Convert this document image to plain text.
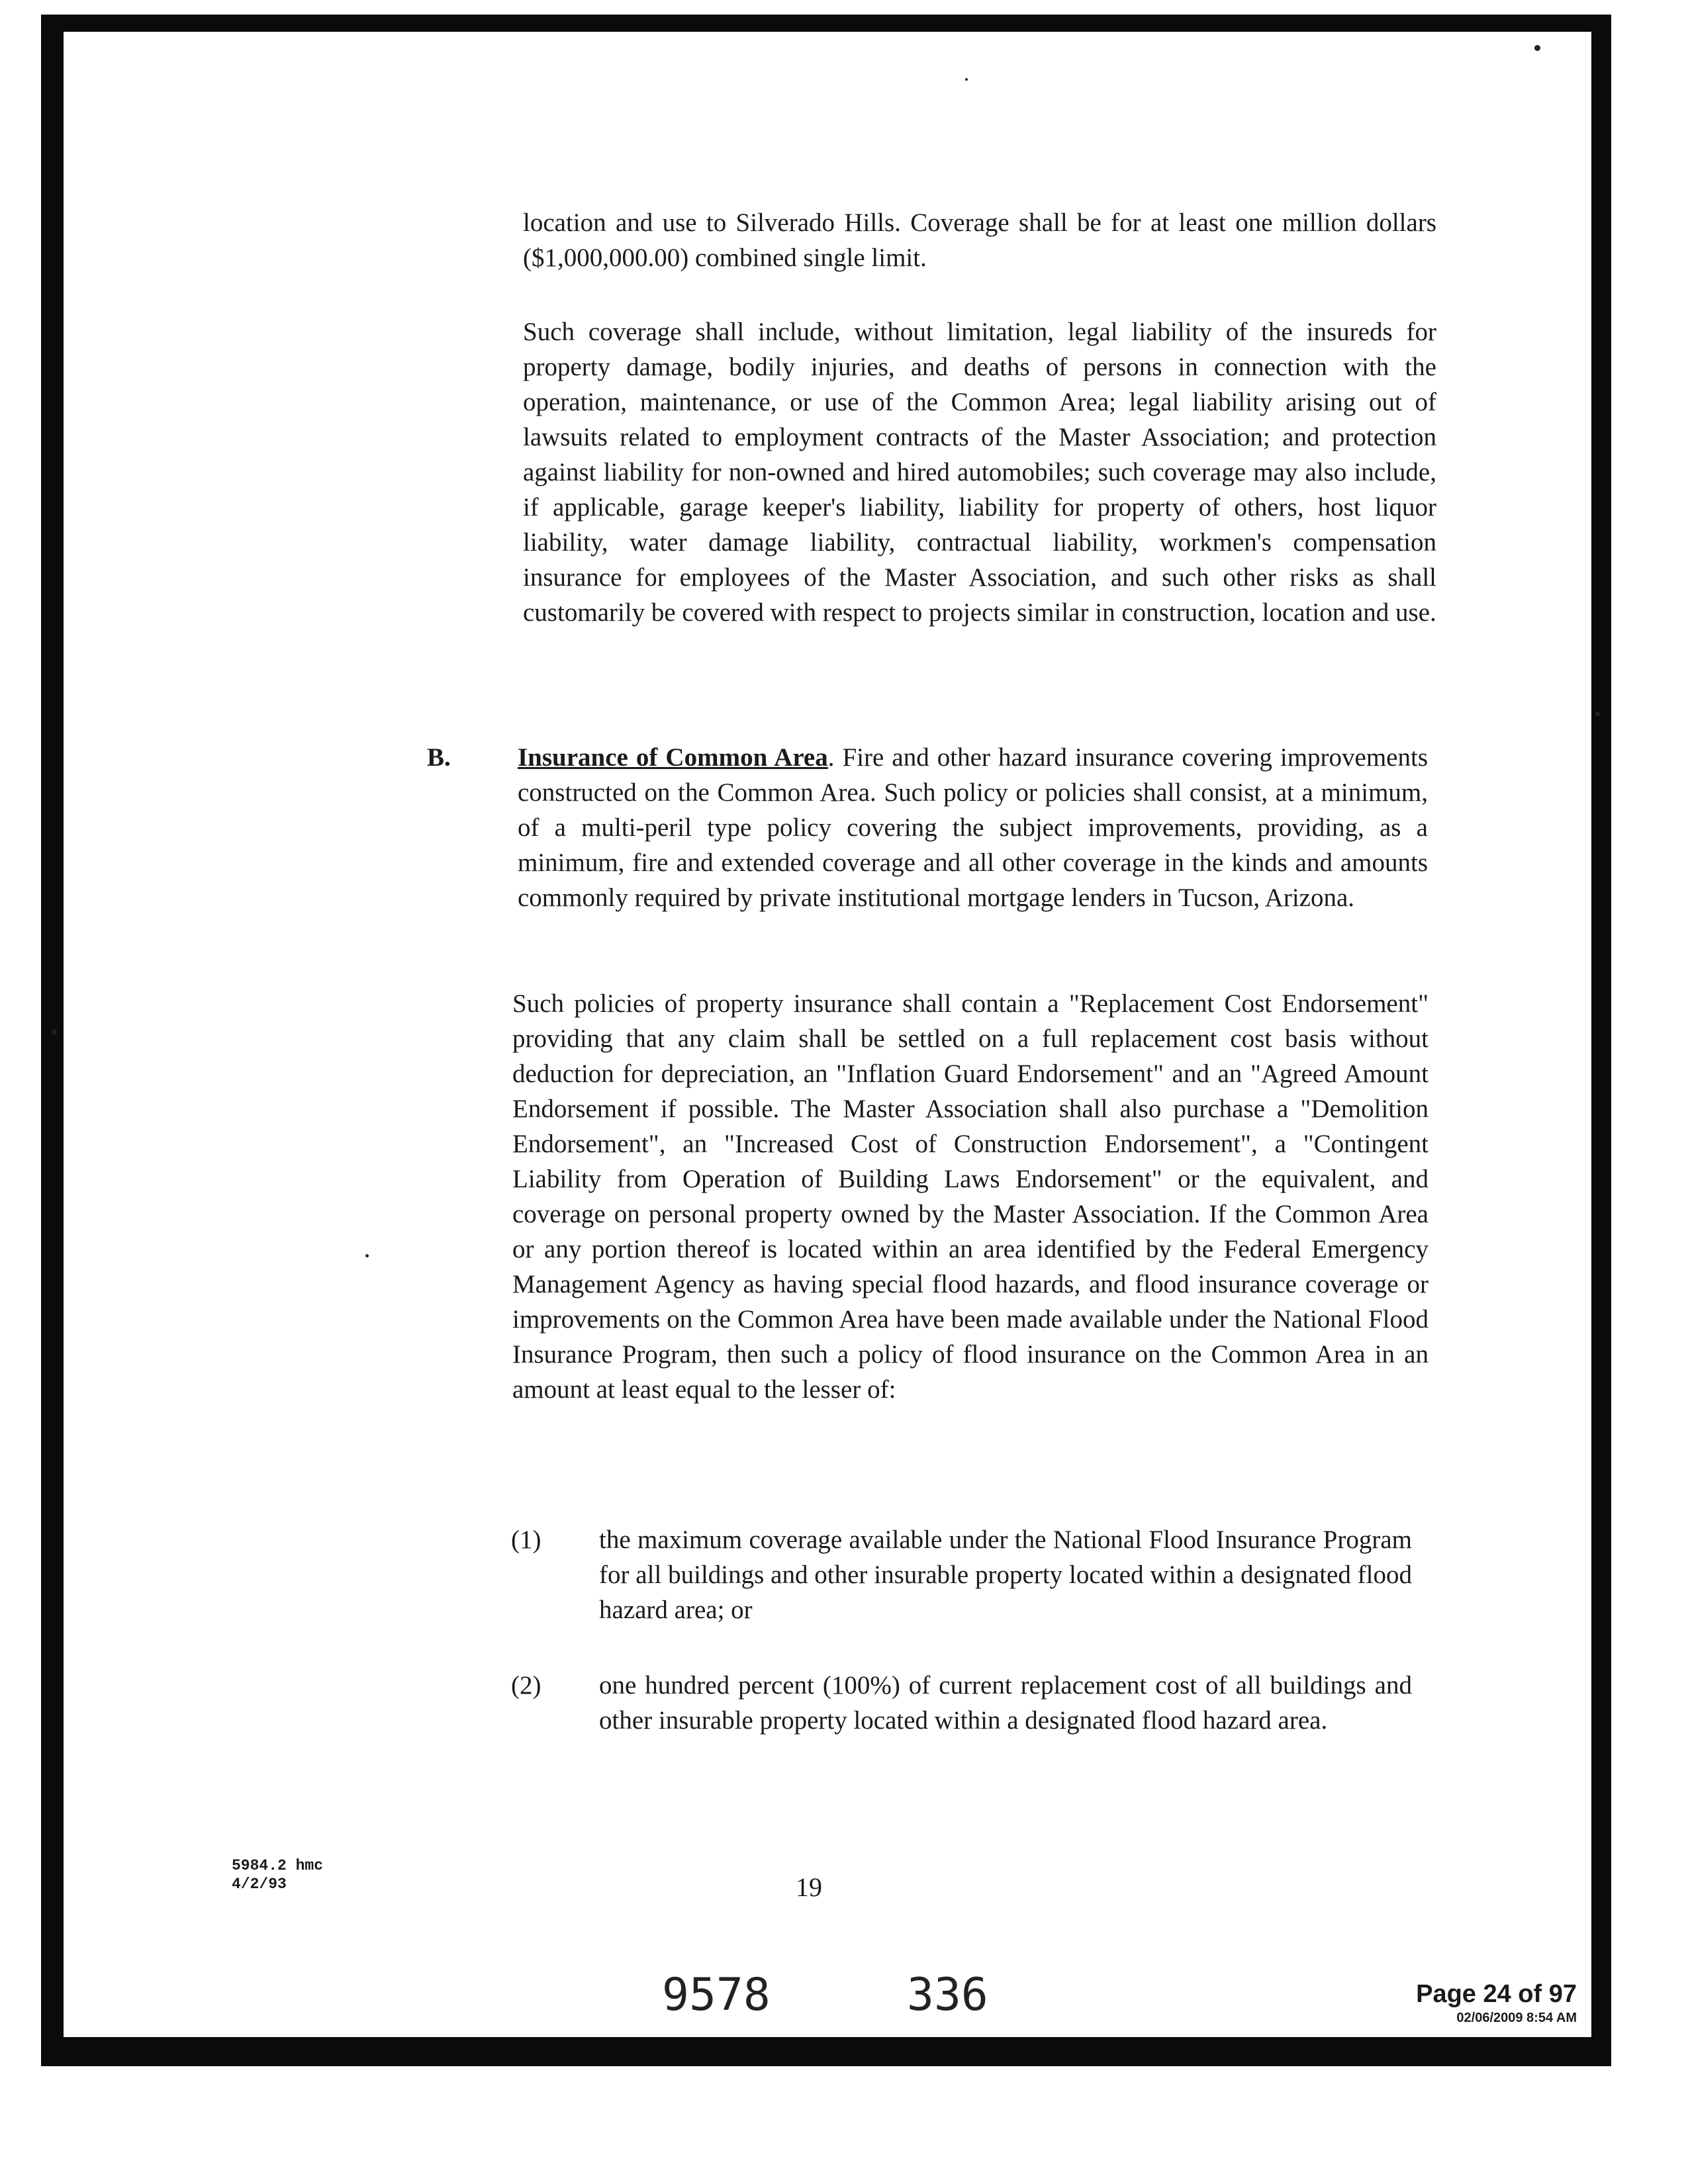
location and use to Silverado Hills. Coverage shall be for at least one million dollars ($1,000,000.00) combined single limit.
Such coverage shall include, without limitation, legal liability of the insureds for property damage, bodily injuries, and deaths of persons in connection with the operation, maintenance, or use of the Common Area; legal liability arising out of lawsuits related to employment contracts of the Master Association; and protection against liability for non-owned and hired automobiles; such coverage may also include, if applicable, garage keeper's liability, liability for property of others, host liquor liability, water damage liability, contractual liability, workmen's compensation insurance for employees of the Master Association, and such other risks as shall customarily be covered with respect to projects similar in construction, location and use.
B.	Insurance of Common Area. Fire and other hazard insurance covering improvements constructed on the Common Area. Such policy or policies shall consist, at a minimum, of a multi-peril type policy covering the subject improvements, providing, as a minimum, fire and extended coverage and all other coverage in the kinds and amounts commonly required by private institutional mortgage lenders in Tucson, Arizona.
Such policies of property insurance shall contain a "Replacement Cost Endorsement" providing that any claim shall be settled on a full replacement cost basis without deduction for depreciation, an "Inflation Guard Endorsement" and an "Agreed Amount Endorsement if possible. The Master Association shall also purchase a "Demolition Endorsement", an "Increased Cost of Construction Endorsement", a "Contingent Liability from Operation of Building Laws Endorsement" or the equivalent, and coverage on personal property owned by the Master Association. If the Common Area or any portion thereof is located within an area identified by the Federal Emergency Management Agency as having special flood hazards, and flood insurance coverage or improvements on the Common Area have been made available under the National Flood Insurance Program, then such a policy of flood insurance on the Common Area in an amount at least equal to the lesser of:
(1) the maximum coverage available under the National Flood Insurance Program for all buildings and other insurable property located within a designated flood hazard area; or
(2) one hundred percent (100%) of current replacement cost of all buildings and other insurable property located within a designated flood hazard area.
5984.2 hmc
4/2/93	19
9578	336	Page 24 of 97
02/06/2009 8:54 AM
